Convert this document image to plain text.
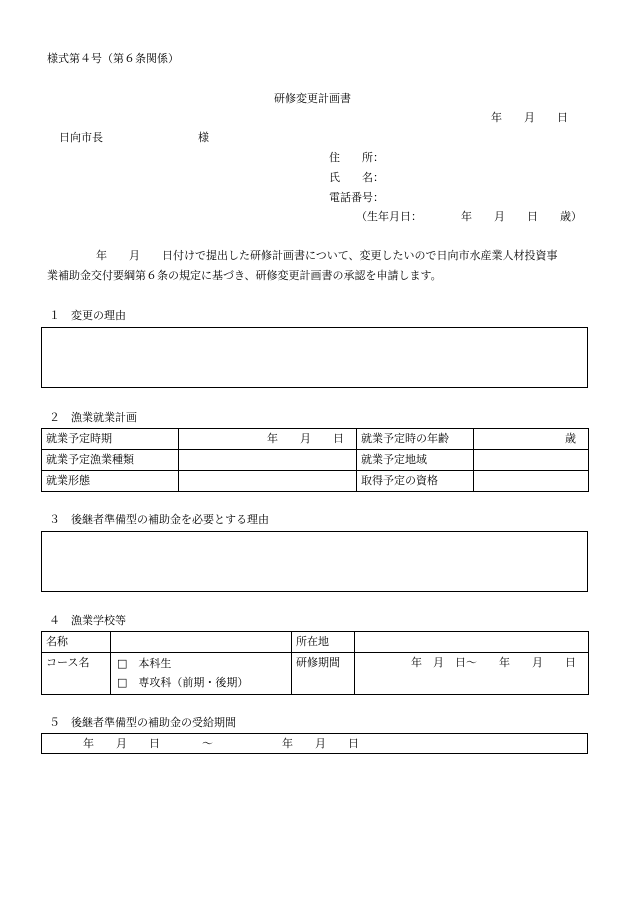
様式第４号（第６条関係）
研修変更計画書
年　　月　　日
日向市長	様
住　　所：
氏　　名：
電話番号：
（生年月日：	年　　月　　日　　歳）
年　　月　　日付けで提出した研修計画書について、変更したいので日向市水産業人材投資事
業補助金交付要綱第６条の規定に基づき、研修変更計画書の承認を申請します。
１　変更の理由
２　漁業就業計画
就業予定時期	年　　月　　日	就業予定時の年齢	歳
就業予定漁業種類		就業予定地域	
就業形態		取得予定の資格	
３　後継者準備型の補助金を必要とする理由
４　漁業学校等
名称		所在地	
コース名	□　本科生
□　専攻科（前期・後期）	研修期間	年　月　日～　　年　　月　　日
５　後継者準備型の補助金の受給期間
年　　月　　日	～	年　　月　　日
